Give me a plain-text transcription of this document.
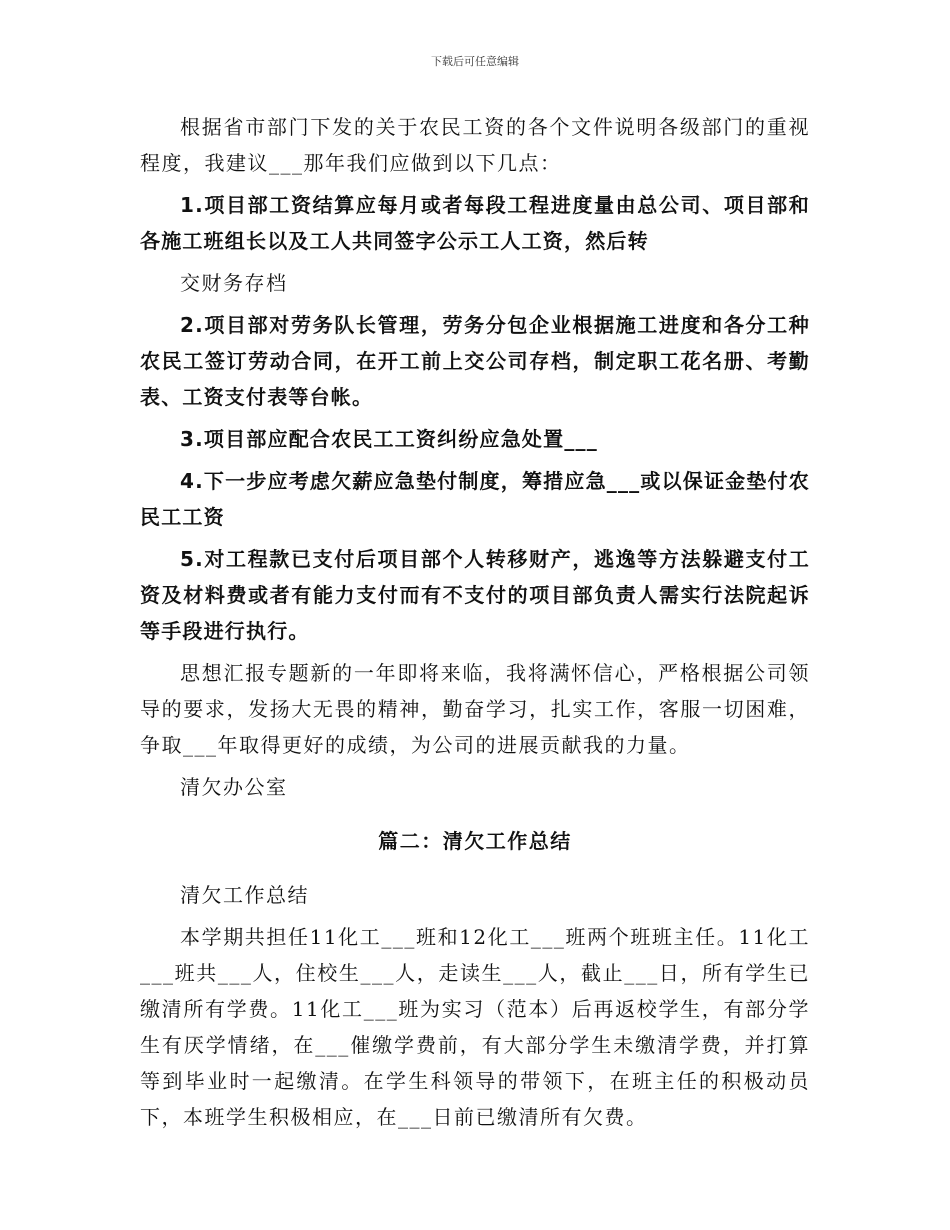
下载后可任意编辑

根据省市部门下发的关于农民工资的各个文件说明各级部门的重视程度，我建议___那年我们应做到以下几点：

1.项目部工资结算应每月或者每段工程进度量由总公司、项目部和各施工班组长以及工人共同签字公示工人工资，然后转

交财务存档

2.项目部对劳务队长管理，劳务分包企业根据施工进度和各分工种农民工签订劳动合同，在开工前上交公司存档，制定职工花名册、考勤表、工资支付表等台帐。

3.项目部应配合农民工工资纠纷应急处置___

4.下一步应考虑欠薪应急垫付制度，筹措应急___或以保证金垫付农民工工资

5.对工程款已支付后项目部个人转移财产，逃逸等方法躲避支付工资及材料费或者有能力支付而有不支付的项目部负责人需实行法院起诉等手段进行执行。

思想汇报专题新的一年即将来临，我将满怀信心，严格根据公司领导的要求，发扬大无畏的精神，勤奋学习，扎实工作，客服一切困难，争取___年取得更好的成绩，为公司的进展贡献我的力量。

清欠办公室

篇二：清欠工作总结

清欠工作总结

本学期共担任11化工___班和12化工___班两个班班主任。11化工___班共___人，住校生___人，走读生___人，截止___日，所有学生已缴清所有学费。11化工___班为实习（范本）后再返校学生，有部分学生有厌学情绪，在___催缴学费前，有大部分学生未缴清学费，并打算等到毕业时一起缴清。在学生科领导的带领下，在班主任的积极动员下，本班学生积极相应，在___日前已缴清所有欠费。
